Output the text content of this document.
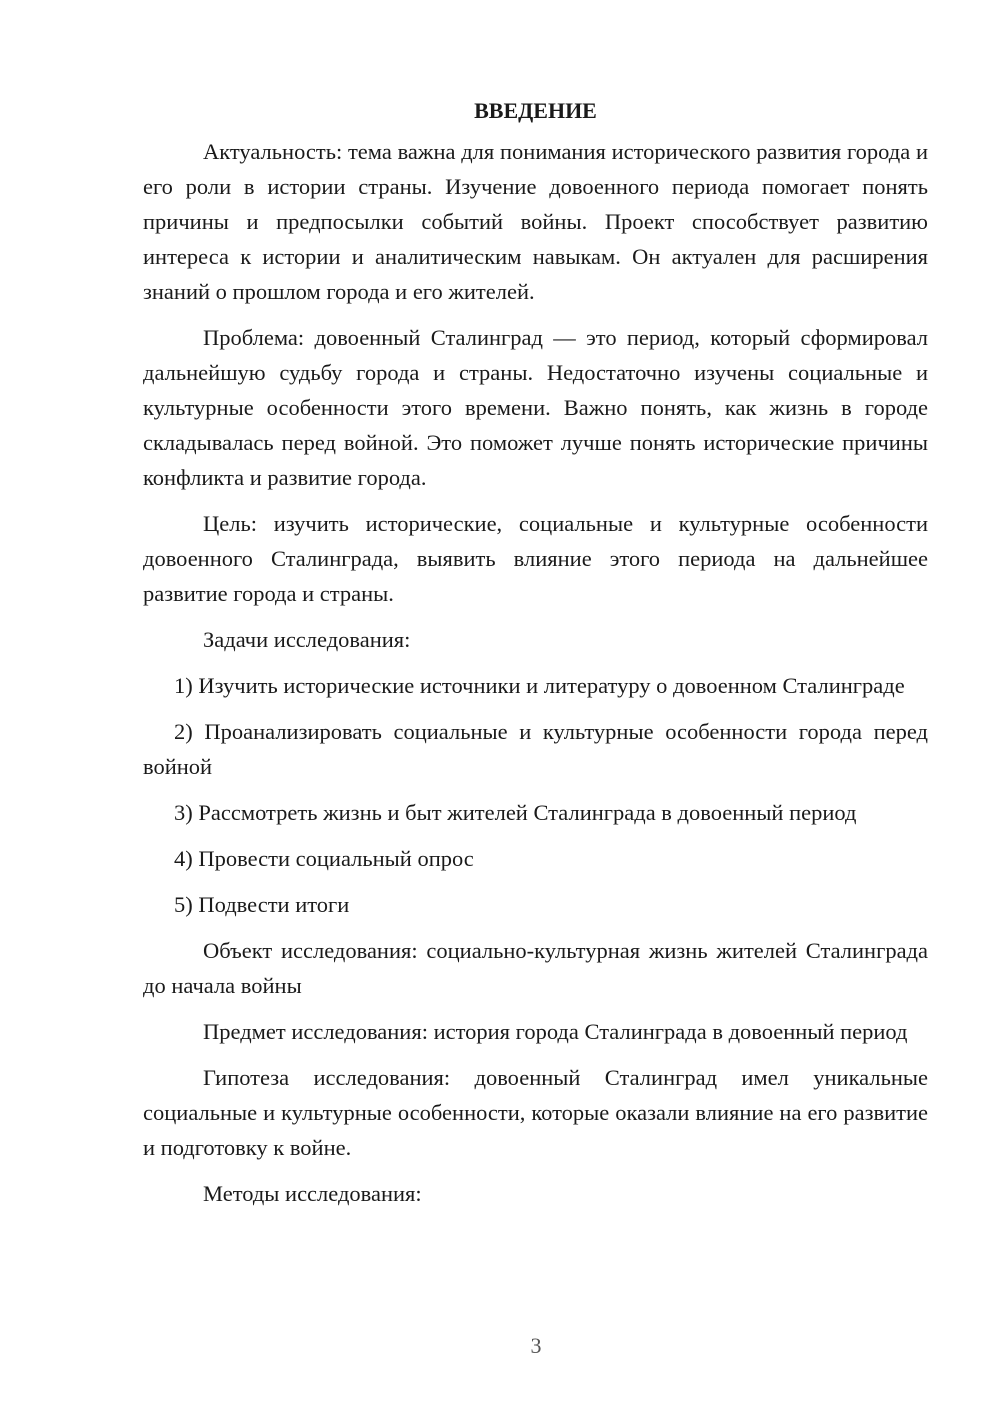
ВВЕДЕНИЕ

Актуальность: тема важна для понимания исторического развития города и его роли в истории страны. Изучение довоенного периода помогает понять причины и предпосылки событий войны. Проект способствует развитию интереса к истории и аналитическим навыкам. Он актуален для расширения знаний о прошлом города и его жителей.

Проблема: довоенный Сталинград — это период, который сформировал дальнейшую судьбу города и страны. Недостаточно изучены социальные и культурные особенности этого времени. Важно понять, как жизнь в городе складывалась перед войной. Это поможет лучше понять исторические причины конфликта и развитие города.

Цель: изучить исторические, социальные и культурные особенности довоенного Сталинграда, выявить влияние этого периода на дальнейшее развитие города и страны.

Задачи исследования:

1) Изучить исторические источники и литературу о довоенном Сталинграде

2) Проанализировать социальные и культурные особенности города перед войной

3) Рассмотреть жизнь и быт жителей Сталинграда в довоенный период

4) Провести социальный опрос

5) Подвести итоги

Объект исследования: социально-культурная жизнь жителей Сталинграда до начала войны

Предмет исследования: история города Сталинграда в довоенный период

Гипотеза исследования: довоенный Сталинград имел уникальные социальные и культурные особенности, которые оказали влияние на его развитие и подготовку к войне.

Методы исследования:

3
